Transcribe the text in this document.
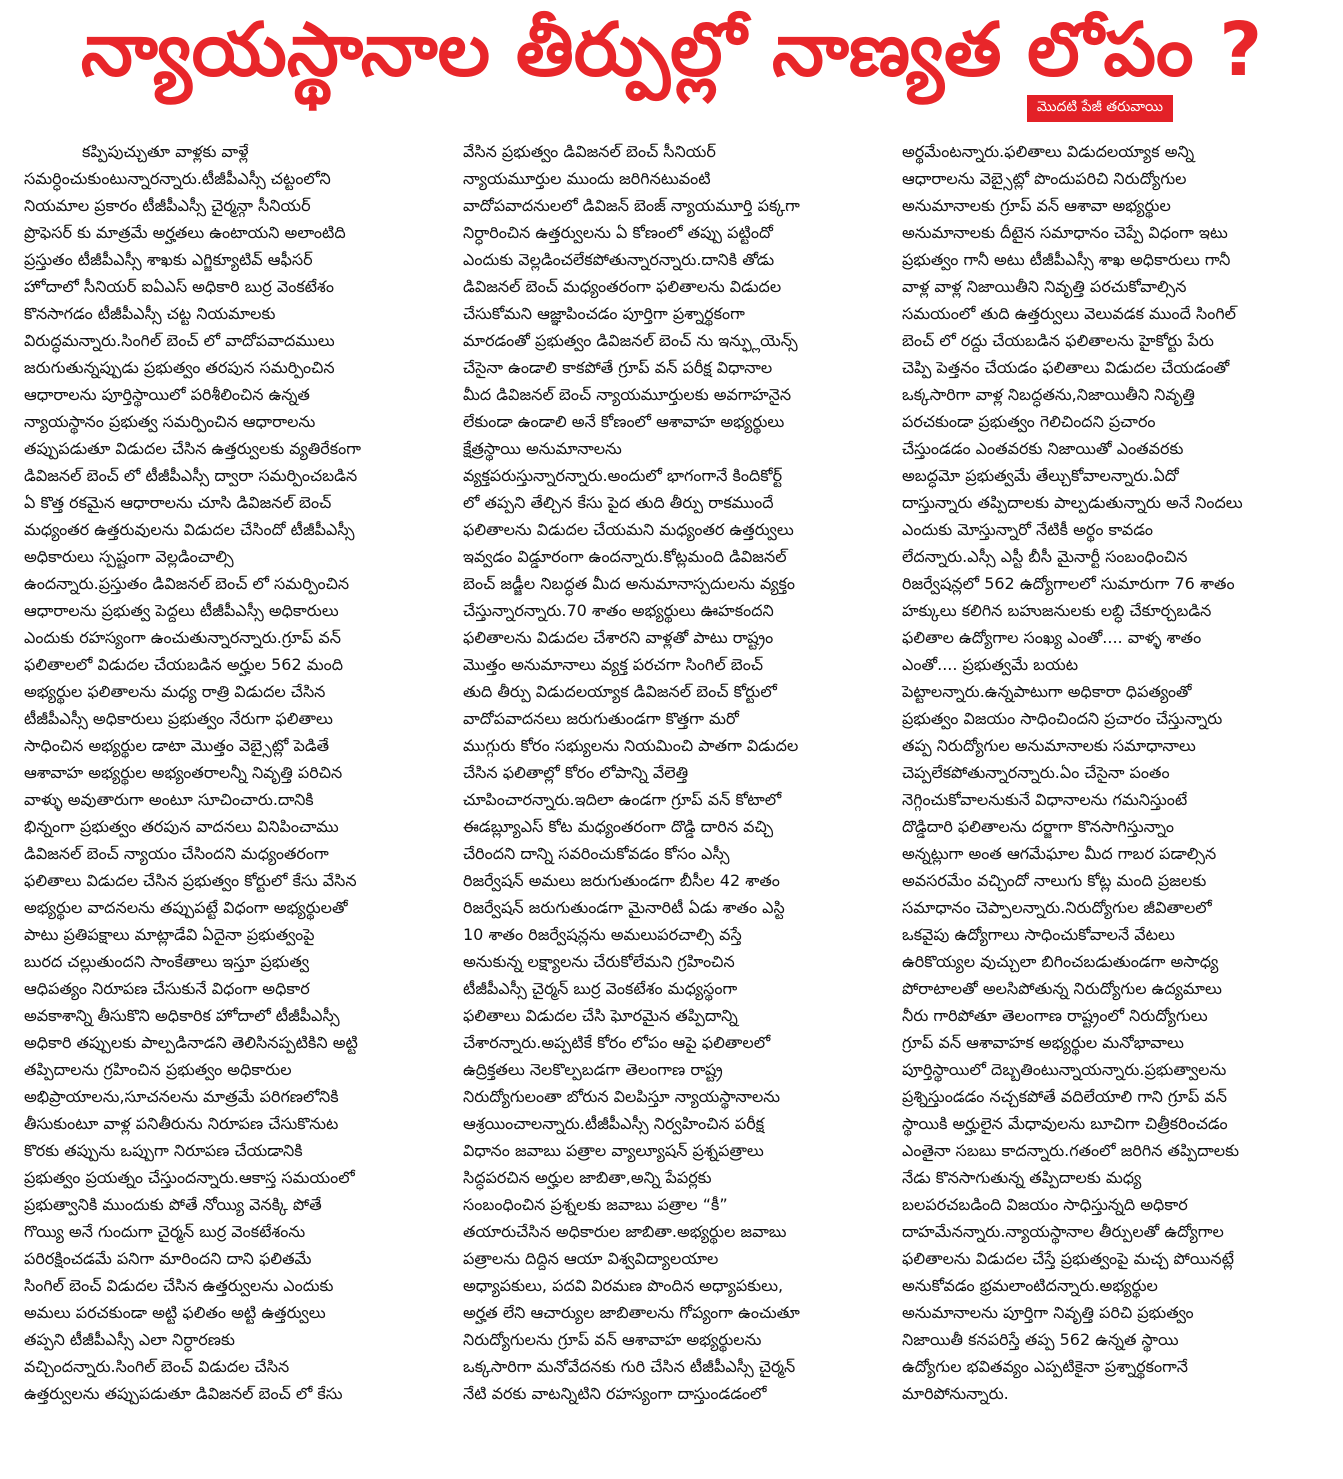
న్యాయస్థానాల తీర్పుల్లో నాణ్యత లోపం ?
మొదటి పేజీ తరువాయి
కప్పిపుచ్చుతూ వాళ్లకు వాళ్లే
సమర్ధించుకుంటున్నారన్నారు.టీజీపీఎస్సీ చట్టంలోని
నియమాల ప్రకారం టీజీపీఎస్సీ చైర్మన్గా సీనియర్
ప్రొఫెసర్ కు మాత్రమే అర్హతలు ఉంటాయని అలాంటిది
ప్రస్తుతం టీజీపీఎస్సీ శాఖకు ఎగ్జిక్యూటివ్ ఆఫీసర్
హోదాలో సీనియర్ ఐఏఎస్ అధికారి బుర్ర వెంకటేశం
కొనసాగడం టీజీపీఎస్సీ చట్ట నియమాలకు
విరుద్ధమన్నారు.సింగిల్ బెంచ్ లో వాదోపవాదములు
జరుగుతున్నప్పుడు ప్రభుత్వం తరపున సమర్పించిన
ఆధారాలను పూర్తిస్థాయిలో పరిశీలించిన ఉన్నత
న్యాయస్థానం ప్రభుత్వ సమర్పించిన ఆధారాలను
తప్పుపడుతూ విడుదల చేసిన ఉత్తర్వులకు వ్యతిరేకంగా
డివిజనల్ బెంచ్ లో టీజీపీఎస్సీ ద్వారా సమర్పించబడిన
ఏ కొత్త రకమైన ఆధారాలను చూసి డివిజనల్ బెంచ్
మధ్యంతర ఉత్తరువులను విడుదల చేసిందో టీజీపీఎస్సీ
అధికారులు స్పష్టంగా వెల్లడించాల్సి
ఉందన్నారు.ప్రస్తుతం డివిజనల్ బెంచ్ లో సమర్పించిన
ఆధారాలను ప్రభుత్వ పెద్దలు టీజీపీఎస్సీ అధికారులు
ఎందుకు రహస్యంగా ఉంచుతున్నారన్నారు.గ్రూప్ వన్
ఫలితాలలో విడుదల చేయబడిన అర్హుల 562 మంది
అభ్యర్థుల ఫలితాలను మధ్య రాత్రి విడుదల చేసిన
టీజీపీఎస్సీ అధికారులు ప్రభుత్వం నేరుగా ఫలితాలు
సాధించిన అభ్యర్థుల డాటా మొత్తం వెబ్సైట్లో పెడితే
ఆశావాహ అభ్యర్థుల అభ్యంతరాలన్నీ నివృత్తి పరిచిన
వాళ్ళు అవుతారుగా అంటూ సూచించారు.దానికి
భిన్నంగా ప్రభుత్వం తరపున వాదనలు వినిపించాము
డివిజనల్ బెంచ్ న్యాయం చేసిందని మధ్యంతరంగా
ఫలితాలు విడుదల చేసిన ప్రభుత్వం కోర్టులో కేసు వేసిన
అభ్యర్థుల వాదనలను తప్పుపట్టే విధంగా అభ్యర్థులతో
పాటు ప్రతిపక్షాలు మాట్లాడేవి ఏదైనా ప్రభుత్వంపై
బురద చల్లుతుందని సాంకేతాలు ఇస్తూ ప్రభుత్వ
ఆధిపత్యం నిరూపణ చేసుకునే విధంగా అధికార
అవకాశాన్ని తీసుకొని అధికారిక హోదాలో టీజీపీఎస్సీ
అధికారి తప్పులకు పాల్పడినాడని తెలిసినప్పటికిని అట్టి
తప్పిదాలను గ్రహించిన ప్రభుత్వం అధికారుల
అభిప్రాయాలను,సూచనలను మాత్రమే పరిగణలోనికి
తీసుకుంటూ వాళ్ల పనితీరును నిరూపణ చేసుకొనుట
కొరకు తప్పును ఒప్పుగా నిరూపణ చేయడానికి
ప్రభుత్వం ప్రయత్నం చేస్తుందన్నారు.ఆకాస్త సమయంలో
ప్రభుత్వానికి ముందుకు పోతే నోయ్యి వెనక్కి పోతే
గొయ్యి అనే గుందుగా చైర్మన్ బుర్ర వెంకటేశంను
పరిరక్షించడమే పనిగా మారిందని దాని ఫలితమే
సింగిల్ బెంచ్ విడుదల చేసిన ఉత్తర్వులను ఎందుకు
అమలు పరచకుండా అట్టి ఫలితం అట్టి ఉత్తర్వులు
తప్పని టీజీపీఎస్సీ ఎలా నిర్ధారణకు
వచ్చిందన్నారు.సింగిల్ బెంచ్ విడుదల చేసిన
ఉత్తర్వులను తప్పుపడుతూ డివిజనల్ బెంచ్ లో కేసు
వేసిన ప్రభుత్వం డివిజనల్ బెంచ్ సీనియర్
న్యాయమూర్తుల ముందు జరిగినటువంటి
వాదోపవాదనులలో డివిజన్ బెంజ్ న్యాయమూర్తి పక్కగా
నిర్ధారించిన ఉత్తర్వులను ఏ కోణంలో తప్పు పట్టిందో
ఎందుకు వెల్లడించలేకపోతున్నారన్నారు.దానికి తోడు
డివిజనల్ బెంచ్ మధ్యంతరంగా ఫలితాలను విడుదల
చేసుకోమని ఆజ్ఞాపించడం పూర్తిగా ప్రశ్నార్థకంగా
మారడంతో ప్రభుత్వం డివిజనల్ బెంచ్ ను ఇన్ఫ్లుయెన్స్
చేసైనా ఉండాలి కాకపోతే గ్రూప్ వన్ పరీక్ష విధానాల
మీద డివిజనల్ బెంచ్ న్యాయమూర్తులకు అవగాహనైన
లేకుండా ఉండాలి అనే కోణంలో ఆశావాహ అభ్యర్థులు
క్షేత్రస్థాయి అనుమానాలను
వ్యక్తపరుస్తున్నారన్నారు.అందులో భాగంగానే కిందికోర్ట్
లో తప్పని తేల్చిన కేసు పైద తుది తీర్పు రాకముందే
ఫలితాలను విడుదల చేయమని మధ్యంతర ఉత్తర్వులు
ఇవ్వడం విడ్డూరంగా ఉందన్నారు.కోట్లమంది డివిజనల్
బెంచ్ జడ్జీల నిబద్ధత మీద అనుమానాస్పదులను వ్యక్తం
చేస్తున్నారన్నారు.70 శాతం అభ్యర్థులు ఊహకందని
ఫలితాలను విడుదల చేశారని వాళ్లతో పాటు రాష్ట్రం
మొత్తం అనుమానాలు వ్యక్త పరచగా సింగిల్ బెంచ్
తుది తీర్పు విడుదలయ్యాక డివిజనల్ బెంచ్ కోర్టులో
వాదోపవాదనలు జరుగుతుండగా కొత్తగా మరో
ముగ్గురు కోరం సభ్యులను నియమించి పాతగా విడుదల
చేసిన ఫలితాల్లో కోరం లోపాన్ని వేలెత్తి
చూపించారన్నారు.ఇదిలా ఉండగా గ్రూప్ వన్ కోటాలో
ఈడబ్ల్యూఎస్ కోట మధ్యంతరంగా దొడ్డి దారిన వచ్చి
చేరిందని దాన్ని సవరించుకోవడం కోసం ఎస్సీ
రిజర్వేషన్ అమలు జరుగుతుండగా బీసీల 42 శాతం
రిజర్వేషన్ జరుగుతుండగా మైనారిటీ ఏడు శాతం ఎస్టి
10 శాతం రిజర్వేషన్లను అమలుపరచాల్సి వస్తే
అనుకున్న లక్ష్యాలను చేరుకోలేమని గ్రహించిన
టీజీపీఎస్సీ చైర్మన్ బుర్ర వెంకటేశం మధ్యస్థంగా
ఫలితాలు విడుదల చేసి ఘోరమైన తప్పిదాన్ని
చేశారన్నారు.అప్పటికే కోరం లోపం ఆపై ఫలితాలలో
ఉద్రిక్తతలు నెలకొల్పబడగా తెలంగాణ రాష్ట్ర
నిరుద్యోగులంతా బోరున విలపిస్తూ న్యాయస్థానాలను
ఆశ్రయించాలన్నారు.టీజీపీఎస్సీ నిర్వహించిన పరీక్ష
విధానం జవాబు పత్రాల వ్యాల్యూషన్ ప్రశ్నపత్రాలు
సిద్ధపరచిన అర్హుల జాబితా,అన్ని పేపర్లకు
సంబంధించిన ప్రశ్నలకు జవాబు పత్రాల “కీ”
తయారుచేసిన అధికారుల జాబితా.అభ్యర్థుల జవాబు
పత్రాలను దిద్దిన ఆయా విశ్వవిద్యాలయాల
అధ్యాపకులు, పదవి విరమణ పొందిన అధ్యాపకులు,
అర్హత లేని ఆచార్యుల జాబితాలను గోప్యంగా ఉంచుతూ
నిరుద్యోగులను గ్రూప్ వన్ ఆశావాహ అభ్యర్థులను
ఒక్కసారిగా మనోవేదనకు గురి చేసిన టీజీపీఎస్సీ చైర్మన్
నేటి వరకు వాటన్నిటిని రహస్యంగా దాస్తుండడంలో
అర్థమేంటన్నారు.ఫలితాలు విడుదలయ్యాక అన్ని
ఆధారాలను వెబ్సైట్లో పొందుపరిచి నిరుద్యోగుల
అనుమానాలకు గ్రూప్ వన్ ఆశావా అభ్యర్థుల
అనుమానాలకు దీటైన సమాధానం చెప్పే విధంగా ఇటు
ప్రభుత్వం గానీ అటు టీజీపీఎస్సీ శాఖ అధికారులు గానీ
వాళ్ల వాళ్ల నిజాయితీని నివృత్తి పరచుకోవాల్సిన
సమయంలో తుది ఉత్తర్వులు వెలువడక ముందే సింగిల్
బెంచ్ లో రద్దు చేయబడిన ఫలితాలను హైకోర్టు పేరు
చెప్పి పెత్తనం చేయడం ఫలితాలు విడుదల చేయడంతో
ఒక్కసారిగా వాళ్ల నిబద్ధతను,నిజాయితీని నివృత్తి
పరచకుండా ప్రభుత్వం గెలిచిందని ప్రచారం
చేస్తుండడం ఎంతవరకు నిజాయితో ఎంతవరకు
అబద్ధమో ప్రభుత్వమే తేల్చుకోవాలన్నారు.ఏదో
దాస్తున్నారు తప్పిదాలకు పాల్పడుతున్నారు అనే నిందలు
ఎందుకు మోస్తున్నారో నేటికీ అర్థం కావడం
లేదన్నారు.ఎస్సీ ఎస్టీ బీసీ మైనార్టీ సంబంధించిన
రిజర్వేషన్లలో 562 ఉద్యోగాలలో సుమారుగా 76 శాతం
హక్కులు కలిగిన బహుజనులకు లబ్ధి చేకూర్చబడిన
ఫలితాల ఉద్యోగాల సంఖ్య ఎంతో.... వాళ్ళ శాతం
ఎంతో.... ప్రభుత్వమే బయట
పెట్టాలన్నారు.ఉన్నపాటుగా అధికారా ధిపత్యంతో
ప్రభుత్వం విజయం సాధించిందని ప్రచారం చేస్తున్నారు
తప్ప నిరుద్యోగుల అనుమానాలకు సమాధానాలు
చెప్పలేకపోతున్నారన్నారు.ఏం చేసైనా పంతం
నెగ్గించుకోవాలనుకునే విధానాలను గమనిస్తుంటే
దొడ్డిదారి ఫలితాలను దర్జాగా కొనసాగిస్తున్నాం
అన్నట్లుగా అంత ఆగమేఘాల మీద గాబర పడాల్సిన
అవసరమేం వచ్చిందో నాలుగు కోట్ల మంది ప్రజలకు
సమాధానం చెప్పాలన్నారు.నిరుద్యోగుల జీవితాలలో
ఒకవైపు ఉద్యోగాలు సాధించుకోవాలనే వేటలు
ఉరికొయ్యల వుచ్చులా బిగించబడుతుండగా అసాధ్య
పోరాటాలతో అలసిపోతున్న నిరుద్యోగుల ఉద్యమాలు
నీరు గారిపోతూ తెలంగాణ రాష్ట్రంలో నిరుద్యోగులు
గ్రూప్ వన్ ఆశావాహక అభ్యర్థుల మనోభావాలు
పూర్తిస్థాయిలో దెబ్బతింటున్నాయన్నారు.ప్రభుత్వాలను
ప్రశ్నిస్తుండడం నచ్చకపోతే వదిలేయాలి గాని గ్రూప్ వన్
స్థాయికి అర్హులైన మేధావులను బూచిగా చిత్రీకరించడం
ఎంతైనా సబబు కాదన్నారు.గతంలో జరిగిన తప్పిదాలకు
నేడు కొనసాగుతున్న తప్పిదాలకు మధ్య
బలపరచబడింది విజయం సాధిస్తున్నది అధికార
దాహమేనన్నారు.న్యాయస్థానాల తీర్పులతో ఉద్యోగాల
ఫలితాలను విడుదల చేస్తే ప్రభుత్వంపై మచ్చ పోయినట్లే
అనుకోవడం భ్రమలాంటిదన్నారు.అభ్యర్థుల
అనుమానాలను పూర్తిగా నివృత్తి పరిచి ప్రభుత్వం
నిజాయితీ కనపరిస్తే తప్ప 562 ఉన్నత స్థాయి
ఉద్యోగుల భవితవ్యం ఎప్పటికైనా ప్రశ్నార్థకంగానే
మారిపోనున్నారు.
